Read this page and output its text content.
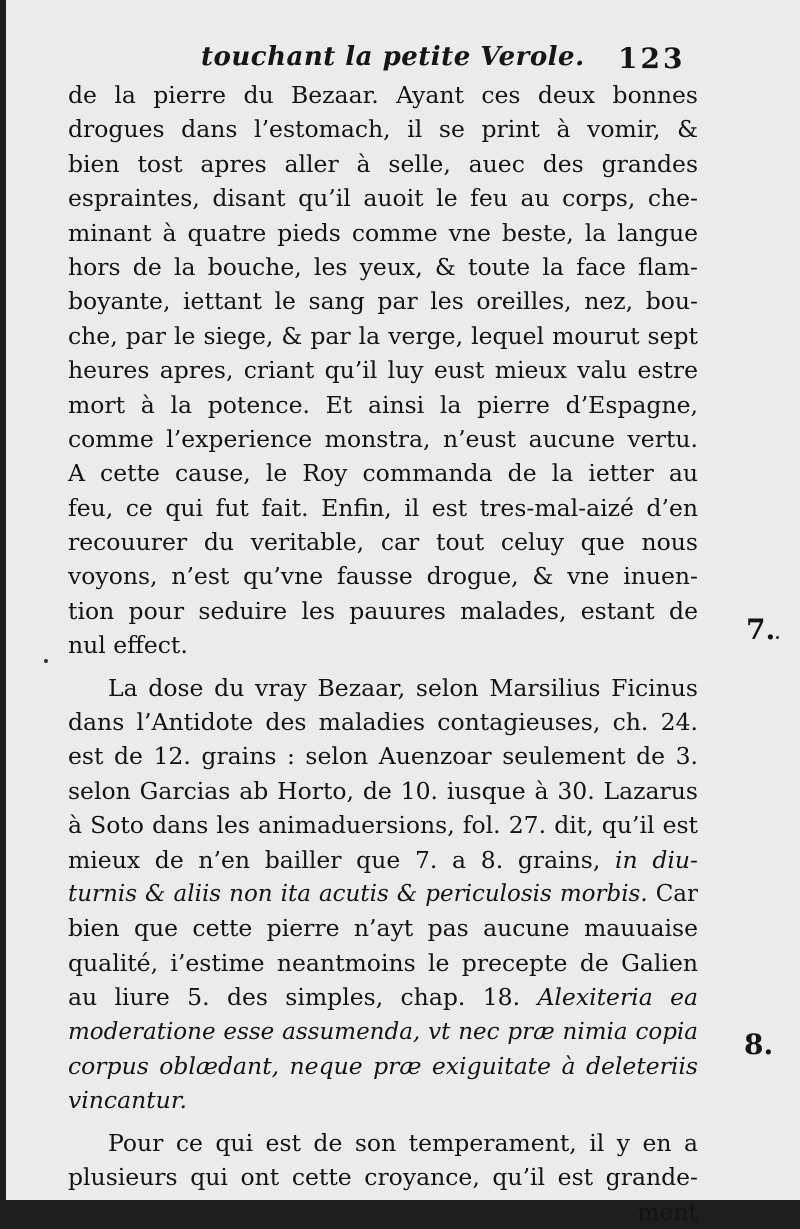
touchant la petite Verole. 123
de la pierre du Bezaar. Ayant ces deux bonnes
drogues dans l’estomach, il se print à vomir, &
bien tost apres aller à selle, auec des grandes
espraintes, disant qu’il auoit le feu au corps, che-
minant à quatre pieds comme vne beste, la langue
hors de la bouche, les yeux, & toute la face flam-
boyante, iettant le sang par les oreilles, nez, bou-
che, par le siege, & par la verge, lequel mourut sept
heures apres, criant qu’il luy eust mieux valu estre
mort à la potence. Et ainsi la pierre d’Espagne,
comme l’experience monstra, n’eust aucune vertu.
A cette cause, le Roy commanda de la ietter au
feu, ce qui fut fait. Enfin, il est tres-mal-aizé d’en
recouurer du veritable, car tout celuy que nous
voyons, n’est qu’vne fausse drogue, & vne inuen-
tion pour seduire les pauures malades, estant de
nul effect.
La dose du vray Bezaar, selon Marsilius Ficinus
dans l’Antidote des maladies contagieuses, ch. 24.
est de 12. grains : selon Auenzoar seulement de 3.
selon Garcias ab Horto, de 10. iusque à 30. Lazarus
à Soto dans les animaduersions, fol. 27. dit, qu’il est
mieux de n’en bailler que 7. a 8. grains, in diu-
turnis & aliis non ita acutis & periculosis morbis. Car
bien que cette pierre n’ayt pas aucune mauuaise
qualité, i’estime neantmoins le precepte de Galien
au liure 5. des simples, chap. 18. Alexiteria ea
moderatione esse assumenda, vt nec præ nimia copia
corpus oblædant, neque præ exiguitate à deleteriis
vincantur.
Pour ce qui est de son temperament, il y en a
plusieurs qui ont cette croyance, qu’il est grande-
ment
7.
8.
